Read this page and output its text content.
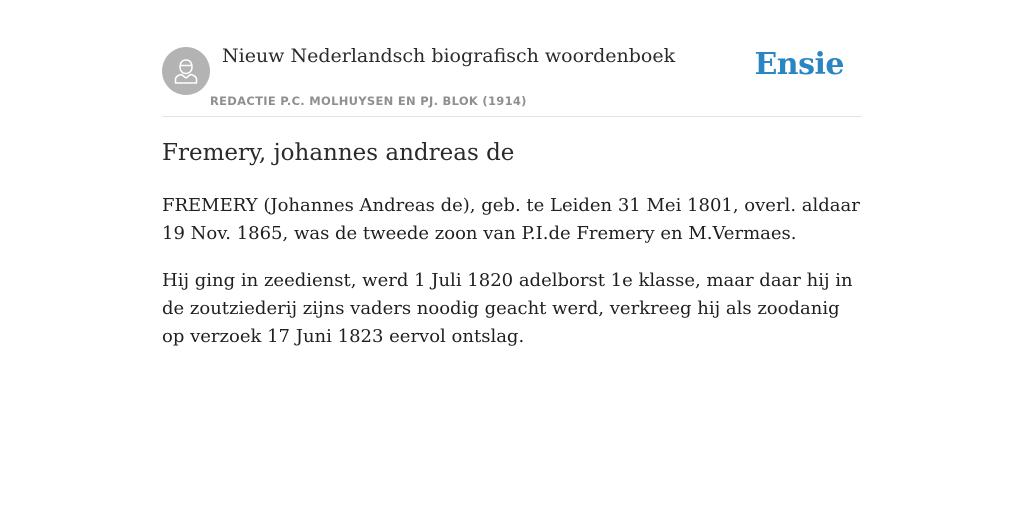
Nieuw Nederlandsch biografisch woordenboek
REDACTIE P.C. MOLHUYSEN EN PJ. BLOK (1914)
Ensie
Fremery, johannes andreas de

FREMERY (Johannes Andreas de), geb. te Leiden 31 Mei 1801, overl. aldaar 19 Nov. 1865, was de tweede zoon van P.I.de Fremery en M.Vermaes.

Hij ging in zeedienst, werd 1 Juli 1820 adelborst 1e klasse, maar daar hij in de zoutziederij zijns vaders noodig geacht werd, verkreeg hij als zoodanig op verzoek 17 Juni 1823 eervol ontslag.
